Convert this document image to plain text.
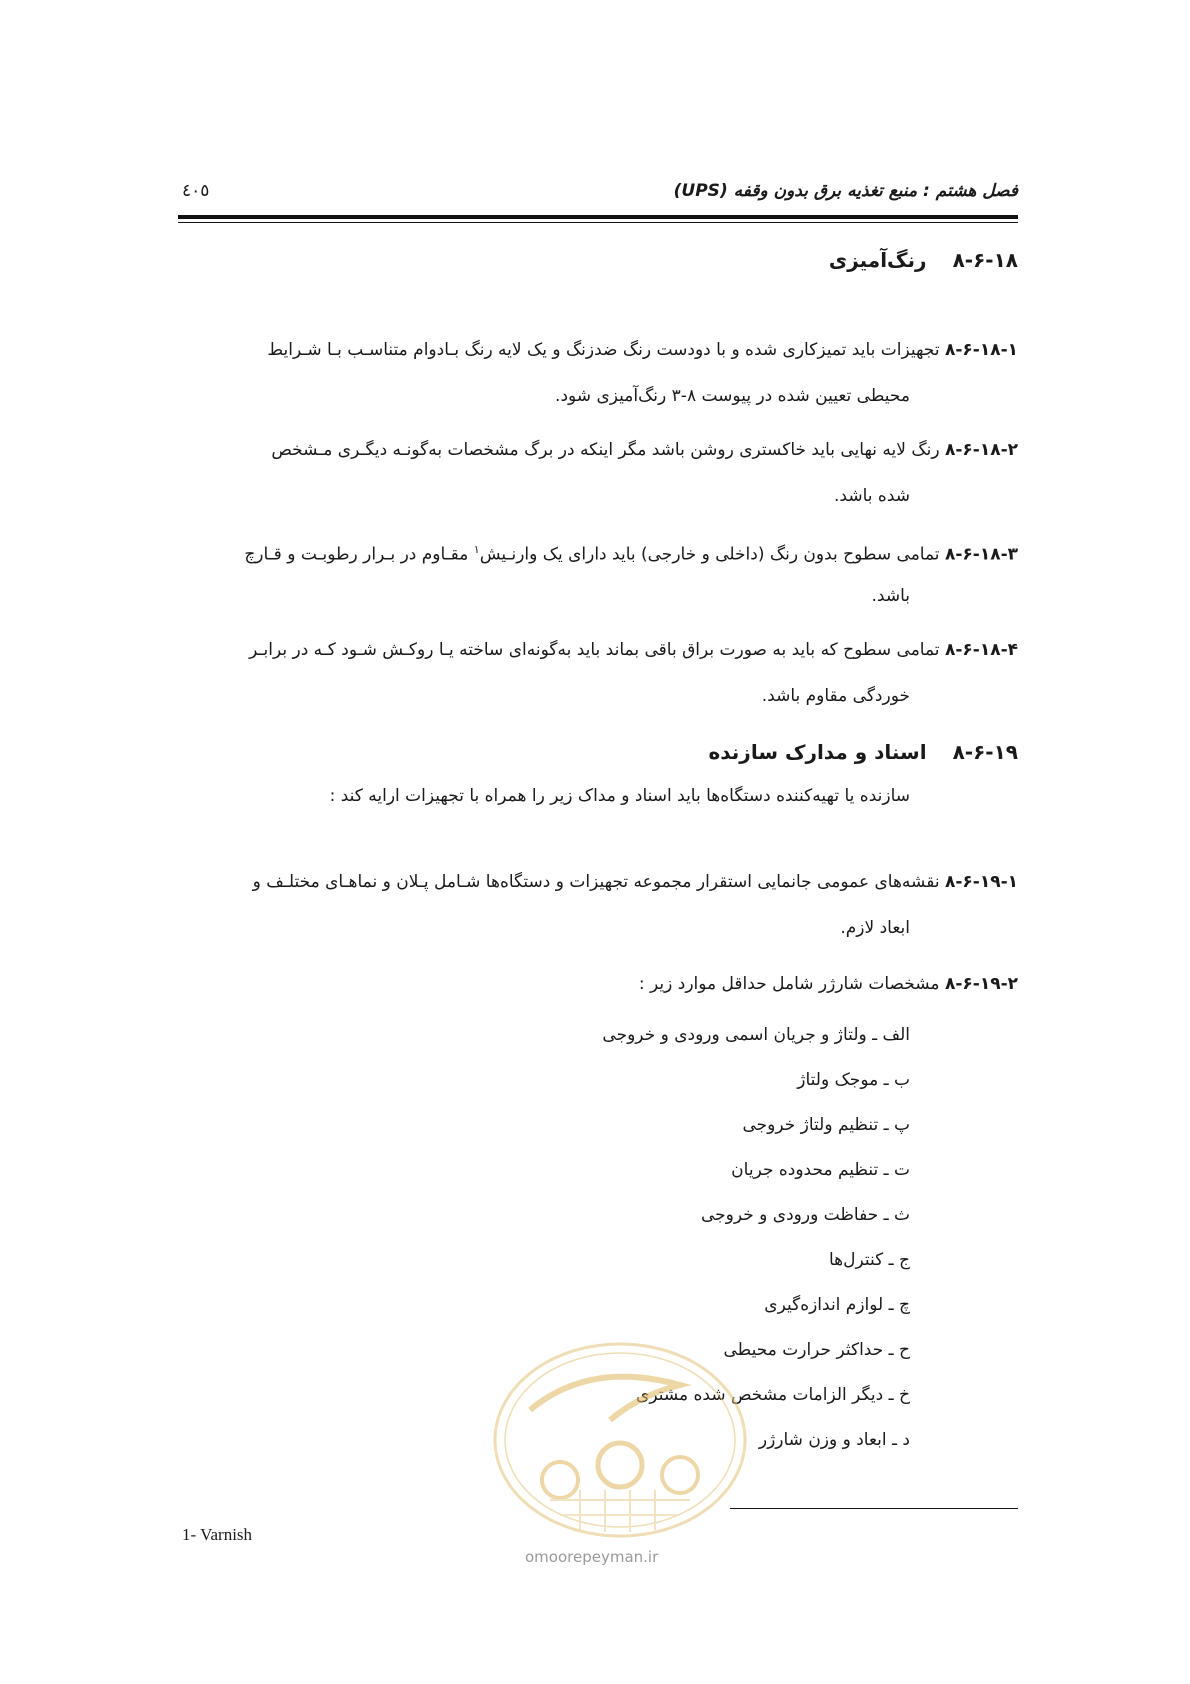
فصل هشتم : منبع تغذیه برق بدون وقفه (UPS)
٤٠٥
۸-۶-۱۸رنگ‌آمیزی
۸-۶-۱۸-۱ تجهیزات باید تمیزکاری شده و با دودست رنگ ضدزنگ و یک لایه رنگ بـادوام متناسـب بـا شـرایط
محیطی تعیین شده در پیوست ۸-۳ رنگ‌آمیزی شود.
۸-۶-۱۸-۲ رنگ لایه نهایی باید خاکستری روشن باشد مگر اینکه در برگ مشخصات به‌گونـه دیگـری مـشخص
شده باشد.
۸-۶-۱۸-۳ تمامی سطوح بدون رنگ (داخلی و خارجی) باید دارای یک وارنـیش$^۱$ مقـاوم در بـرار رطوبـت و قـارچ
باشد.
۸-۶-۱۸-۴ تمامی سطوح که باید به صورت براق باقی بماند باید به‌گونه‌ای ساخته یـا روکـش شـود کـه در برابـر
خوردگی مقاوم باشد.
۸-۶-۱۹اسناد و مدارک سازنده
سازنده یا تهیه‌کننده دستگاه‌ها باید اسناد و مداک زیر را همراه با تجهیزات ارایه کند :
۸-۶-۱۹-۱ نقشه‌های عمومی جانمایی استقرار مجموعه تجهیزات و دستگاه‌ها شـامل پـلان و نماهـای مختلـف و
ابعاد لازم.
۸-۶-۱۹-۲ مشخصات شارژر شامل حداقل موارد زیر :
الف ـ ولتاژ و جریان اسمی ورودی و خروجی
ب ـ موجک ولتاژ
پ ـ تنظیم ولتاژ خروجی
ت ـ تنظیم محدوده جریان
ث ـ حفاظت ورودی و خروجی
ج ـ کنترل‌ها
چ ـ لوازم اندازه‌گیری
ح ـ حداکثر حرارت محیطی
خ ـ دیگر الزامات مشخص شده مشتری
د ـ ابعاد و وزن شارژر
omoorepeyman.ir
1- Varnish
